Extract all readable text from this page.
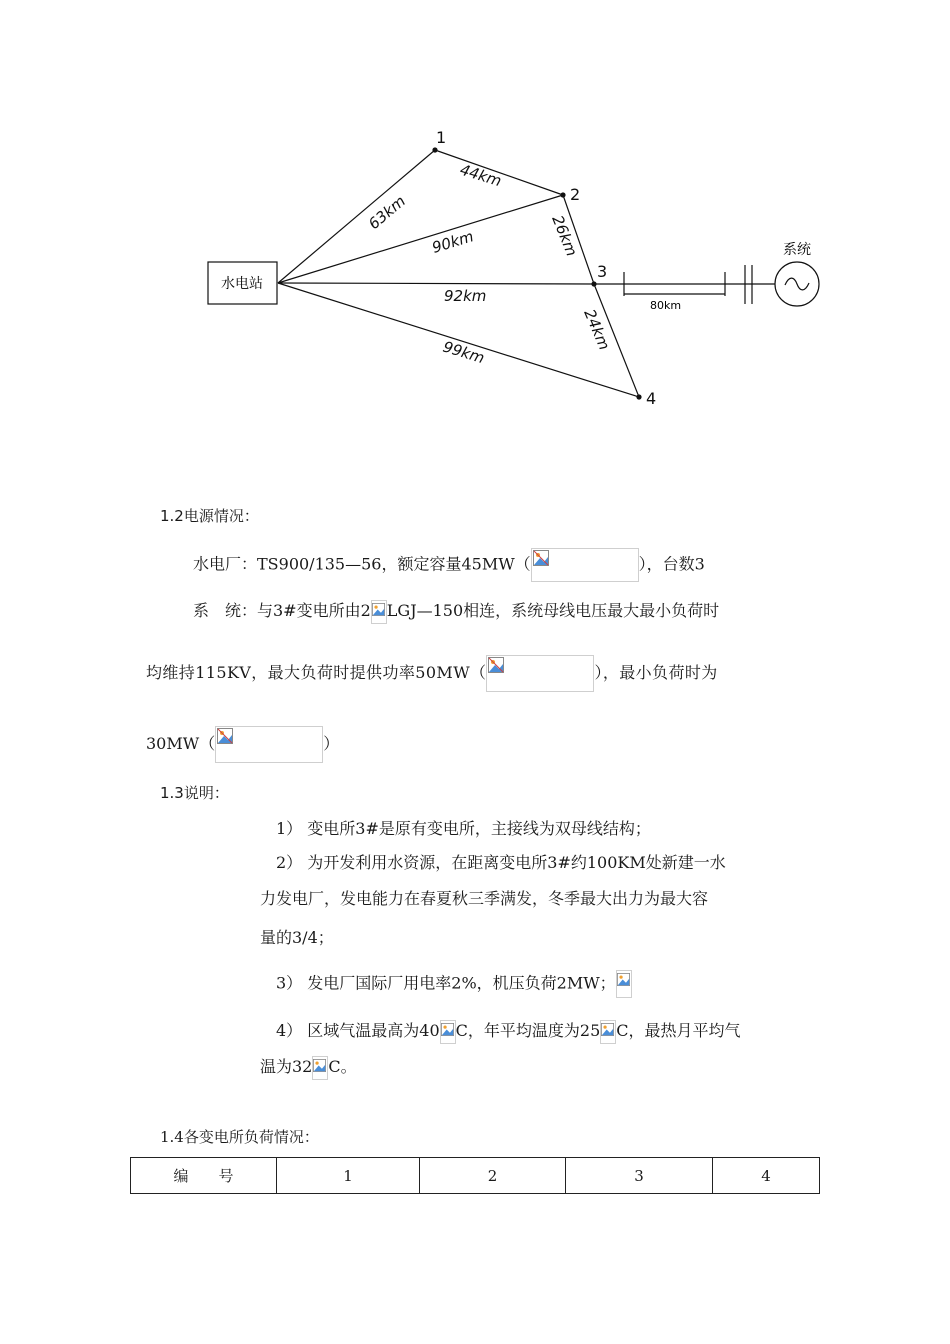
水电站
系统
1
2
3
4
63km
44km
90km	26km
92km
24km
99km
80km
1.2电源情况：
水电厂：TS900/135—56，额定容量45MW（	），台数3
系　统：与3#变电所由2 LGJ—150相连，系统母线电压最大最小负荷时
均维持115KV，最大负荷时提供功率50MW（	），最小负荷时为
30MW（	）
1.3说明：
1） 变电所3#是原有变电所，主接线为双母线结构；
2） 为开发利用水资源，在距离变电所3#约100KM处新建一水
力发电厂，发电能力在春夏秋三季满发，冬季最大出力为最大容
量的3/4；
3） 发电厂国际厂用电率2%，机压负荷2MW；
4） 区域气温最高为40 C，年平均温度为25 C，最热月平均气
温为32 C。
1.4各变电所负荷情况：
编　　号	1	2	3	4
